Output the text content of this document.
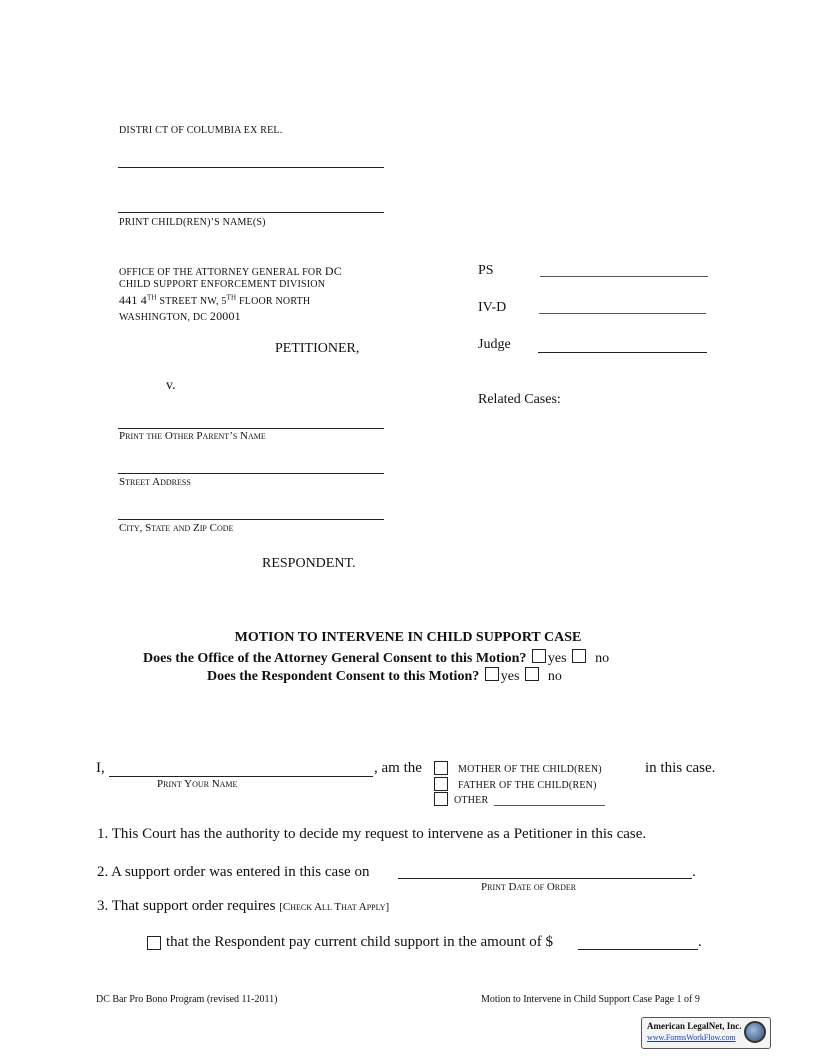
DISTRI CT OF COLUMBIA EX REL.
PRINT CHILD(REN)’S NAME(S)
OFFICE OF THE ATTORNEY GENERAL FOR DC
CHILD SUPPORT ENFORCEMENT DIVISION
441 4TH STREET NW, 5TH FLOOR NORTH
WASHINGTON, DC 20001
PETITIONER,
v.
Print the Other Parent’s Name
Street Address
City, State and Zip Code
RESPONDENT.
PS
IV-D
Judge
Related Cases:
MOTION TO INTERVENE IN CHILD SUPPORT CASE
Does the Office of the Attorney General Consent to this Motion? yes no
Does the Respondent Consent to this Motion? yes no
I,	, am the
Print Your Name
MOTHER OF THE CHILD(REN)
FATHER OF THE CHILD(REN)
OTHER
in this case.
1. This Court has the authority to decide my request to intervene as a Petitioner in this case.
2. A support order was entered in this case on	.
Print Date of Order
3. That support order requires [Check All That Apply]
that the Respondent pay current child support in the amount of $	.
DC Bar Pro Bono Program (revised 11-2011)	Motion to Intervene in Child Support Case Page 1 of 9
American LegalNet, Inc.
www.FormsWorkFlow.com
